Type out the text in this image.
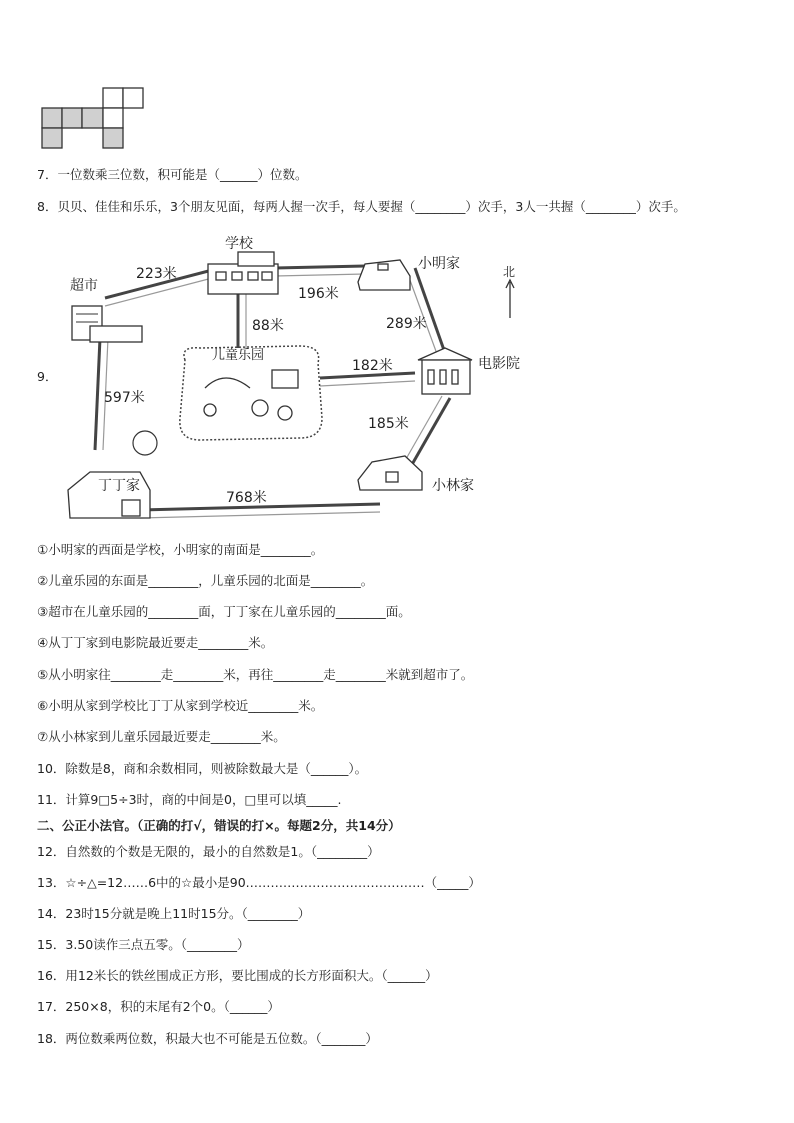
7．一位数乘三位数，积可能是（______）位数。
8．贝贝、佳佳和乐乐，3个朋友见面，每两人握一次手，每人要握（________）次手，3人一共握（________）次手。
9．
学校
超市
小明家	北
儿童乐园
电影院
小林家
丁丁家
223米
196米
88米	289米
182米
597米
185米
768米
①小明家的西面是学校，小明家的南面是________。
②儿童乐园的东面是________，儿童乐园的北面是________。
③超市在儿童乐园的________面，丁丁家在儿童乐园的________面。
④从丁丁家到电影院最近要走________米。
⑤从小明家往________走________米，再往________走________米就到超市了。
⑥小明从家到学校比丁丁从家到学校近________米。
⑦从小林家到儿童乐园最近要走________米。
10．除数是8，商和余数相同，则被除数最大是（______）。
11．计算9□5÷3时，商的中间是0，□里可以填_____.
二、公正小法官。（正确的打√，错误的打×。每题2分，共14分）
12．自然数的个数是无限的，最小的自然数是1。（________）
13．☆÷△=12……6中的☆最小是90.……………………………………（_____）
14．23时15分就是晚上11时15分。（________）
15．3.50读作三点五零。（________）
16．用12米长的铁丝围成正方形，要比围成的长方形面积大。（______）
17．250×8，积的末尾有2个0。（______）
18．两位数乘两位数，积最大也不可能是五位数。（_______）
